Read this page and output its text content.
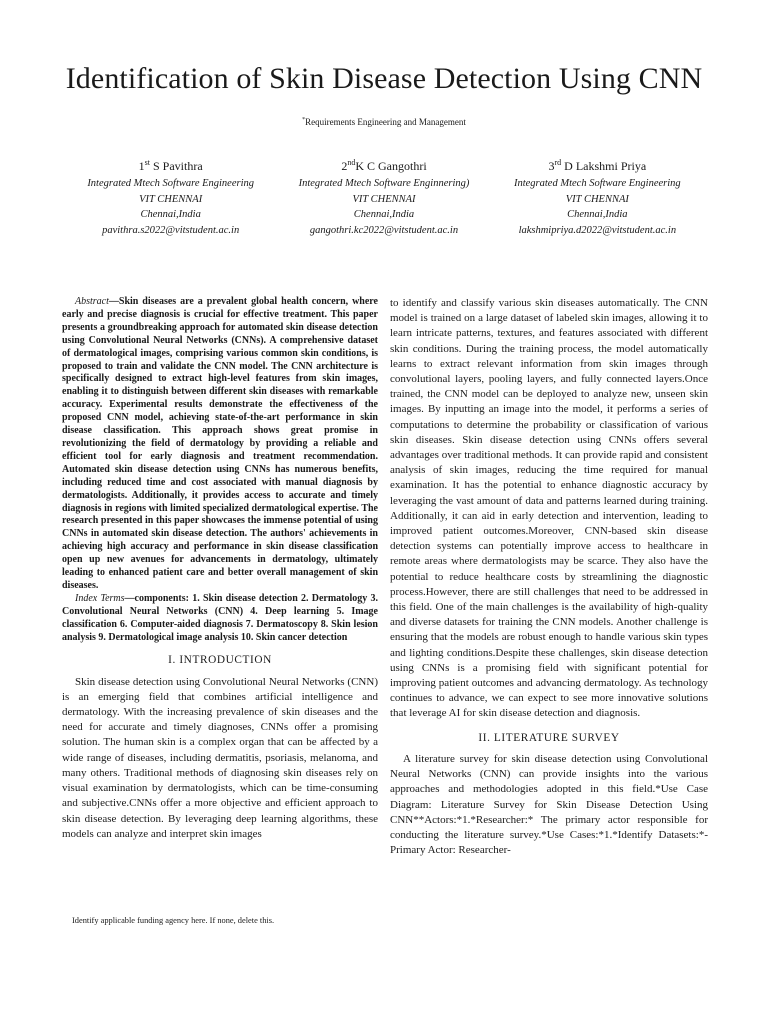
Identification of Skin Disease Detection Using CNN
*Requirements Engineering and Management
1st S Pavithra
Integrated Mtech Software Engineering
VIT CHENNAI
Chennai,India
pavithra.s2022@vitstudent.ac.in
2ndK C Gangothri
Integrated Mtech Software Enginnering)
VIT CHENNAI
Chennai,India
gangothri.kc2022@vitstudent.ac.in
3rd D Lakshmi Priya
Integrated Mtech Software Engineering
VIT CHENNAI
Chennai,India
lakshmipriya.d2022@vitstudent.ac.in
Abstract—Skin diseases are a prevalent global health concern, where early and precise diagnosis is crucial for effective treatment. This paper presents a groundbreaking approach for automated skin disease detection using Convolutional Neural Networks (CNNs). A comprehensive dataset of dermatological images, comprising various common skin conditions, is proposed to train and validate the CNN model. The CNN architecture is specifically designed to extract high-level features from skin images, enabling it to distinguish between different skin diseases with remarkable accuracy. Experimental results demonstrate the effectiveness of the proposed CNN model, achieving state-of-the-art performance in skin disease classification. This approach shows great promise in revolutionizing the field of dermatology by providing a reliable and efficient tool for early diagnosis and treatment recommendation. Automated skin disease detection using CNNs has numerous benefits, including reduced time and cost associated with manual diagnosis by dermatologists. Additionally, it provides access to accurate and timely diagnosis in regions with limited specialized dermatological expertise. The research presented in this paper showcases the immense potential of using CNNs in automated skin disease detection. The authors' achievements in achieving high accuracy and performance in skin disease classification open up new avenues for advancements in dermatology, ultimately leading to enhanced patient care and better overall management of skin diseases.
Index Terms—components: 1. Skin disease detection 2. Dermatology 3. Convolutional Neural Networks (CNN) 4. Deep learning 5. Image classification 6. Computer-aided diagnosis 7. Dermatoscopy 8. Skin lesion analysis 9. Dermatological image analysis 10. Skin cancer detection
I. INTRODUCTION

Skin disease detection using Convolutional Neural Networks (CNN) is an emerging field that combines artificial intelligence and dermatology. With the increasing prevalence of skin diseases and the need for accurate and timely diagnoses, CNNs offer a promising solution. The human skin is a complex organ that can be affected by a wide range of diseases, including dermatitis, psoriasis, melanoma, and many others. Traditional methods of diagnosing skin diseases rely on visual examination by dermatologists, which can be time-consuming and subjective.CNNs offer a more objective and efficient approach to skin disease detection. By leveraging deep learning algorithms, these models can analyze and interpret skin images

Identify applicable funding agency here. If none, delete this.

to identify and classify various skin diseases automatically. The CNN model is trained on a large dataset of labeled skin images, allowing it to learn intricate patterns, textures, and features associated with different skin conditions. During the training process, the model automatically learns to extract relevant information from skin images through convolutional layers, pooling layers, and fully connected layers.Once trained, the CNN model can be deployed to analyze new, unseen skin images. By inputting an image into the model, it performs a series of computations to determine the probability or classification of various skin diseases. Skin disease detection using CNNs offers several advantages over traditional methods. It can provide rapid and consistent analysis of skin images, reducing the time required for manual examination. It has the potential to enhance diagnostic accuracy by leveraging the vast amount of data and patterns learned during training. Additionally, it can aid in early detection and intervention, leading to improved patient outcomes.Moreover, CNN-based skin disease detection systems can potentially improve access to healthcare in remote areas where dermatologists may be scarce. They also have the potential to reduce healthcare costs by streamlining the diagnostic process.However, there are still challenges that need to be addressed in this field. One of the main challenges is the availability of high-quality and diverse datasets for training the CNN models. Another challenge is ensuring that the models are robust enough to handle various skin types and lighting conditions.Despite these challenges, skin disease detection using CNNs is a promising field with significant potential for improving patient outcomes and advancing dermatology. As technology continues to advance, we can expect to see more innovative solutions that leverage AI for skin disease detection and diagnosis.

II. LITERATURE SURVEY

A literature survey for skin disease detection using Convolutional Neural Networks (CNN) can provide insights into the various approaches and methodologies adopted in this field.*Use Case Diagram: Literature Survey for Skin Disease Detection Using CNN**Actors:*1.*Researcher:* The primary actor responsible for conducting the literature survey.*Use Cases:*1.*Identify Datasets:*- Primary Actor: Researcher-
